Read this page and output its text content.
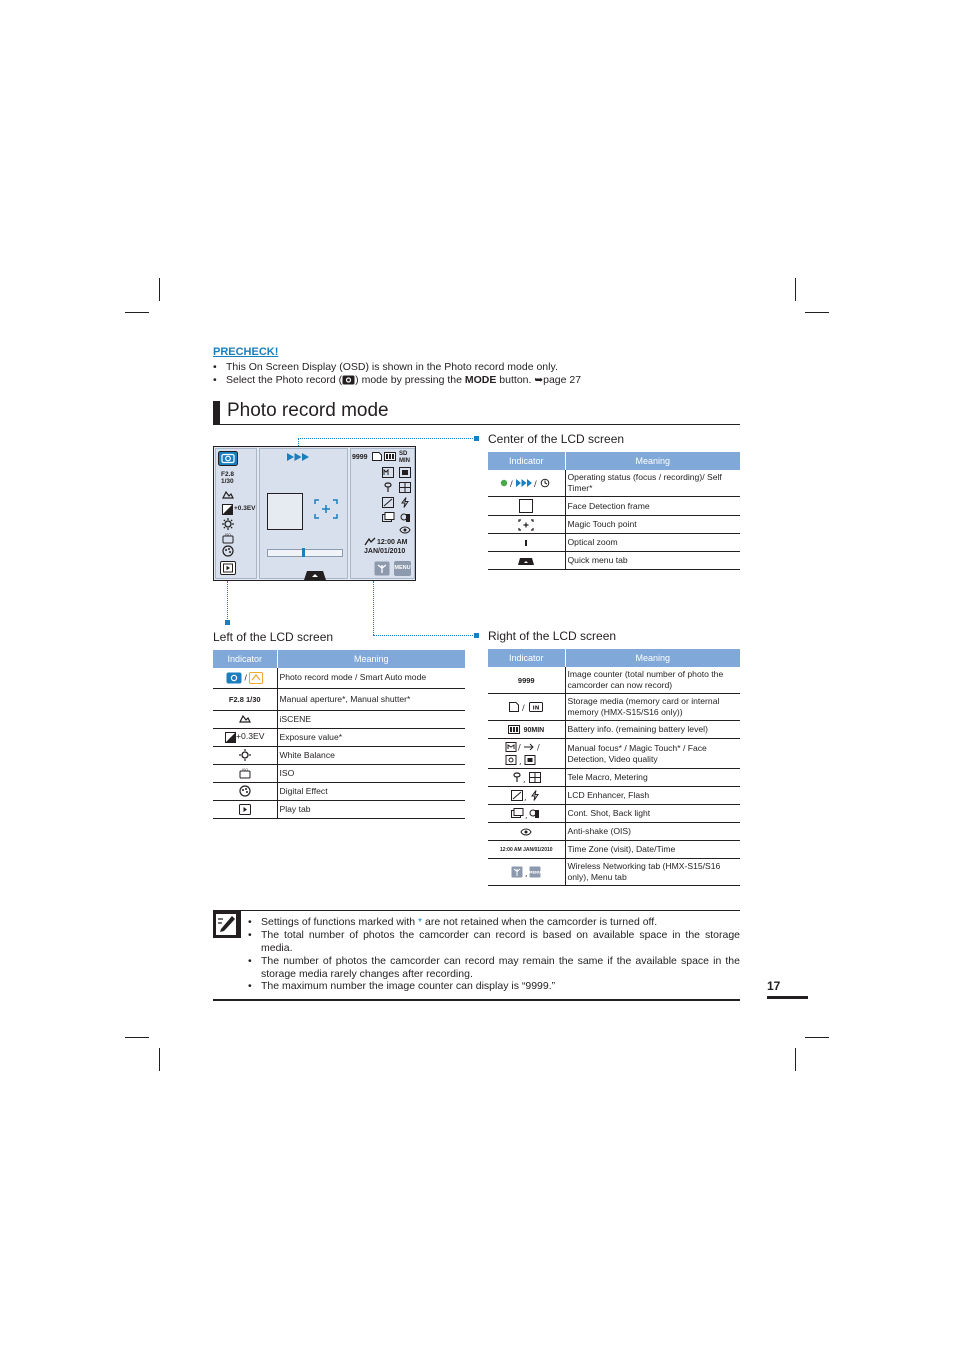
PRECHECK!
• This On Screen Display (OSD) is shown in the Photo record mode only.
• Select the Photo record ( ) mode by pressing the MODE button. ➥page 27
Photo record mode
F2.8
1/30
+0.3EV
ISO
9999	SD MIN
12:00 AM
JAN/01/2010
MENU
Center of the LCD screen
Indicator	Meaning

/ /	Operating status (focus / recording)/ Self Timer*
	Face Detection frame
	Magic Touch point
	Optical zoom
	Quick menu tab
Left of the LCD screen
Indicator	Meaning
/	Photo record mode / Smart Auto mode
F2.8 1/30	Manual aperture*, Manual shutter*
	iSCENE
+0.3EV	Exposure value*
	White Balance

ISO	ISO
	Digital Effect
	Play tab
Right of the LCD screen
Indicator	Meaning
9999	Image counter (total number of photo the camcorder can now record)

/ IN	Storage media (memory card or internal memory (HMX-S15/S16 only))
90MIN	Battery info. (remaining battery level)

/ /
,	Manual focus* / Magic Touch* / Face Detection, Video quality

,	Tele Macro, Metering

,	LCD Enhancer, Flash

,	Cont. Shot, Back light
	Anti-shake (OIS)
12:00 AM JAN/01/2010	Time Zone (visit), Date/Time

, MENU	Wireless Networking tab (HMX-S15/S16 only), Menu tab
• Settings of functions marked with * are not retained when the camcorder is turned off.
• The total number of photos the camcorder can record is based on available space in the storage media.
• The number of photos the camcorder can record may remain the same if the available space in the storage media rarely changes after recording.
• The maximum number the image counter can display is “9999.”	17
